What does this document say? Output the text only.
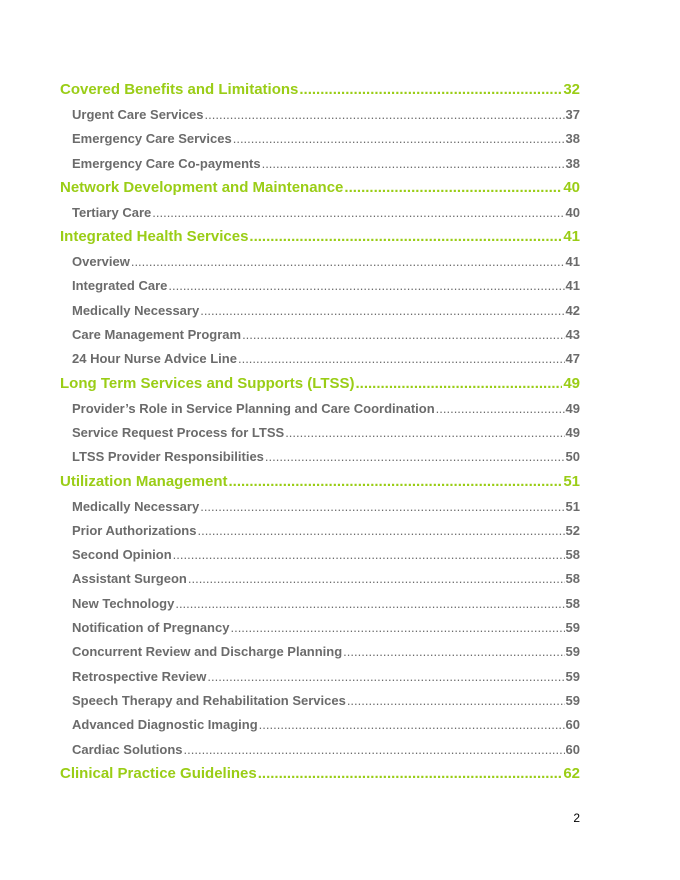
Covered Benefits and Limitations .....	32
Urgent Care Services .....	37
Emergency Care Services .....	38
Emergency Care Co-payments .....	38
Network Development and Maintenance .....	40
Tertiary Care .....	40
Integrated Health Services .....	41
Overview .....	41
Integrated Care .....	41
Medically Necessary .....	42
Care Management Program .....	43
24 Hour Nurse Advice Line .....	47
Long Term Services and Supports (LTSS) .....	49
Provider’s Role in Service Planning and Care Coordination .....	49
Service Request Process for LTSS .....	49
LTSS Provider Responsibilities .....	50
Utilization Management .....	51
Medically Necessary .....	51
Prior Authorizations .....	52
Second Opinion .....	58
Assistant Surgeon .....	58
New Technology .....	58
Notification of Pregnancy .....	59
Concurrent Review and Discharge Planning .....	59
Retrospective Review .....	59
Speech Therapy and Rehabilitation Services .....	59
Advanced Diagnostic Imaging .....	60
Cardiac Solutions .....	60
Clinical Practice Guidelines .....	62
2
